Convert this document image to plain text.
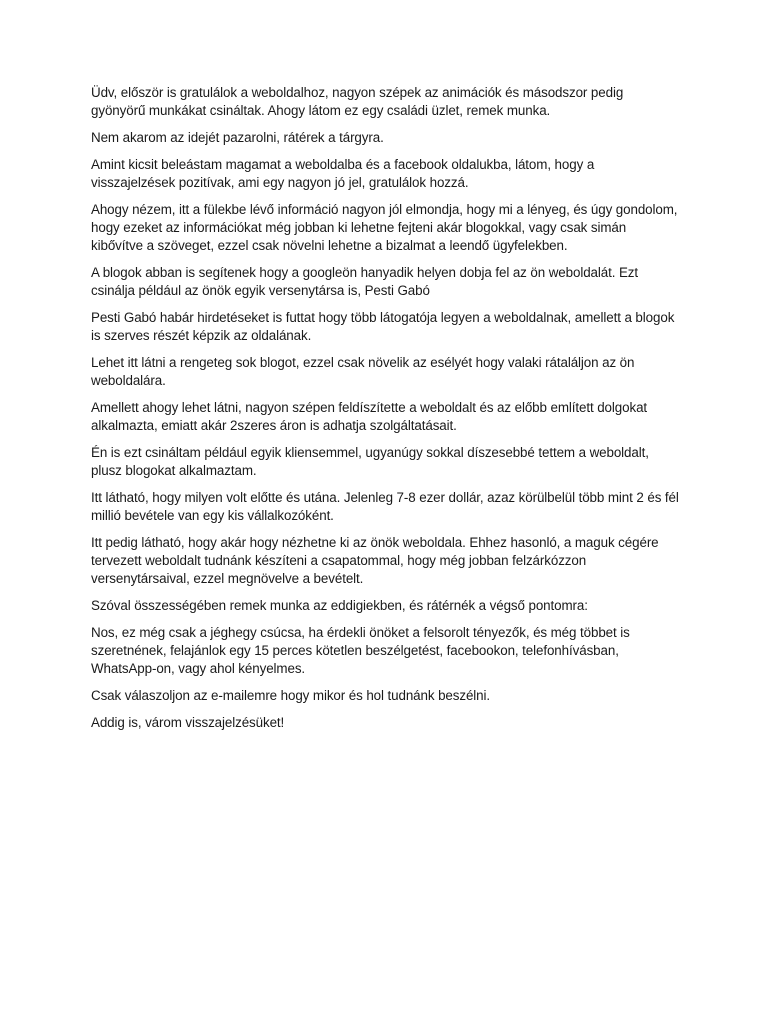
Üdv, először is gratulálok a weboldalhoz, nagyon szépek az animációk és másodszor pedig gyönyörű munkákat csináltak. Ahogy látom ez egy családi üzlet, remek munka.

Nem akarom az idejét pazarolni, rátérek a tárgyra.

Amint kicsit beleástam magamat a weboldalba és a facebook oldalukba, látom, hogy a visszajelzések pozitívak, ami egy nagyon jó jel, gratulálok hozzá.

Ahogy nézem, itt a fülekbe lévő információ nagyon jól elmondja, hogy mi a lényeg, és úgy gondolom, hogy ezeket az információkat még jobban ki lehetne fejteni akár blogokkal, vagy csak simán kibővítve a szöveget, ezzel csak növelni lehetne a bizalmat a leendő ügyfelekben.

A blogok abban is segítenek hogy a googleön hanyadik helyen dobja fel az ön weboldalát. Ezt csinálja például az önök egyik versenytársa is, Pesti Gabó

Pesti Gabó habár hirdetéseket is futtat hogy több látogatója legyen a weboldalnak, amellett a blogok is szerves részét képzik az oldalának.

Lehet itt látni a rengeteg sok blogot, ezzel csak növelik az esélyét hogy valaki rátaláljon az ön weboldalára.

Amellett ahogy lehet látni, nagyon szépen feldíszítette a weboldalt és az előbb említett dolgokat alkalmazta, emiatt akár 2szeres áron is adhatja szolgáltatásait.

Én is ezt csináltam például egyik kliensemmel, ugyanúgy sokkal díszesebbé tettem a weboldalt, plusz blogokat alkalmaztam.

Itt látható, hogy milyen volt előtte és utána. Jelenleg 7-8 ezer dollár, azaz körülbelül több mint 2 és fél millió bevétele van egy kis vállalkozóként.

Itt pedig látható, hogy akár hogy nézhetne ki az önök weboldala. Ehhez hasonló, a maguk cégére tervezett weboldalt tudnánk készíteni a csapatommal, hogy még jobban felzárkózzon versenytársaival, ezzel megnövelve a bevételt.

Szóval összességében remek munka az eddigiekben, és rátérnék a végső pontomra:

Nos, ez még csak a jéghegy csúcsa, ha érdekli önöket a felsorolt tényezők, és még többet is szeretnének, felajánlok egy 15 perces kötetlen beszélgetést, facebookon, telefonhívásban, WhatsApp-on, vagy ahol kényelmes.

Csak válaszoljon az e-mailemre hogy mikor és hol tudnánk beszélni.

Addig is, várom visszajelzésüket!
